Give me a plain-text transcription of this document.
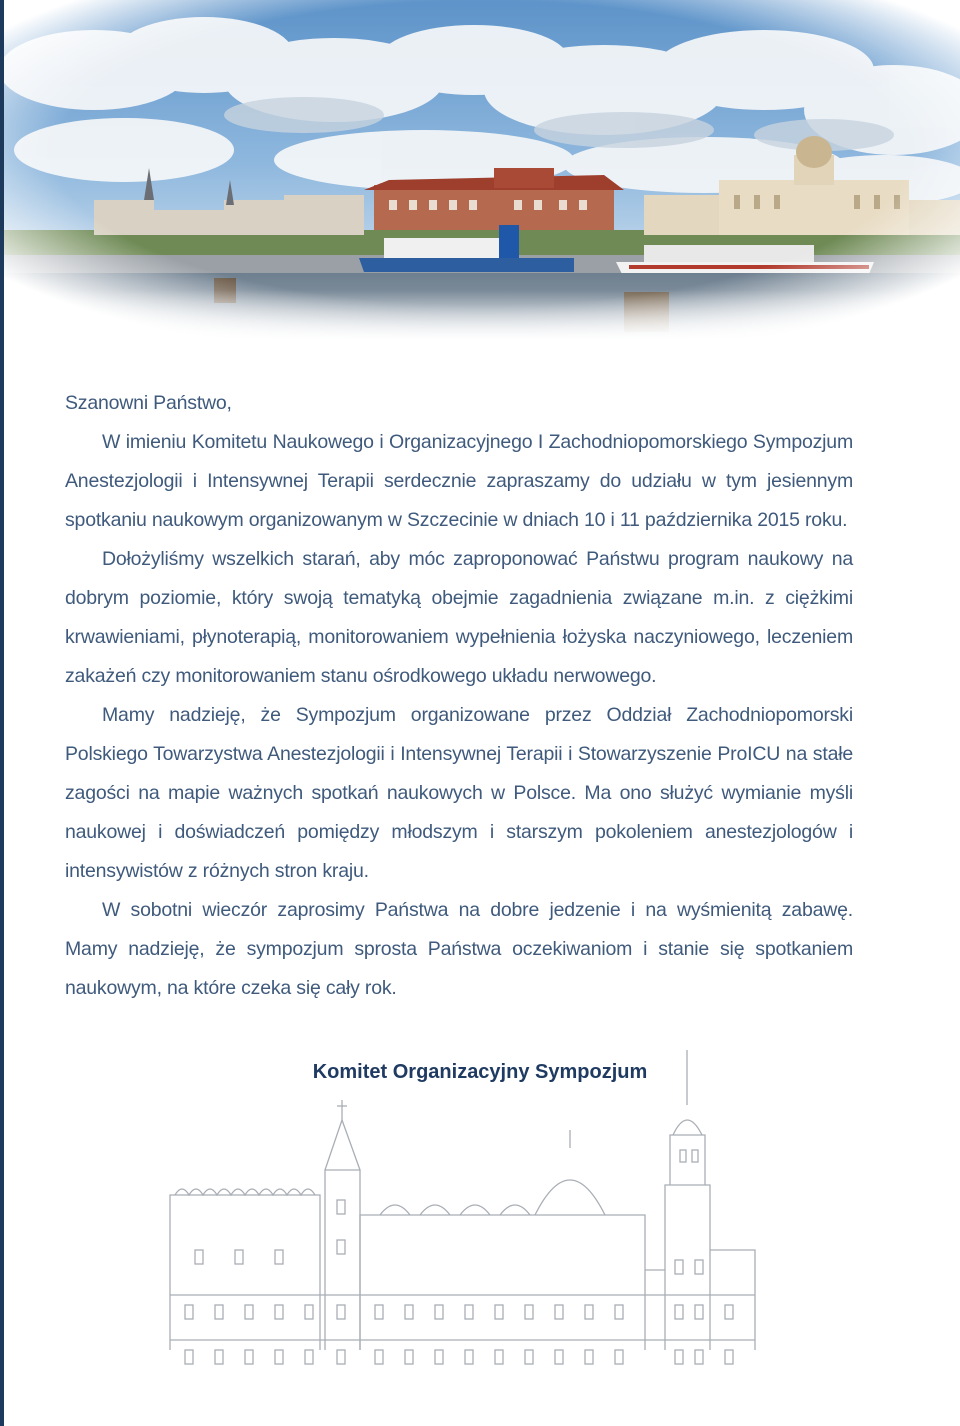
Szanowni Państwo,

W imieniu Komitetu Naukowego i Organizacyjnego I Zachodniopomorskiego Sympozjum Anestezjologii i Intensywnej Terapii serdecznie zapraszamy do udziału w tym jesiennym spotkaniu naukowym organizowanym w Szczecinie w dniach 10 i 11 października 2015 roku.

Dołożyliśmy wszelkich starań, aby móc zaproponować Państwu program naukowy na dobrym poziomie, który swoją tematyką obejmie zagadnienia związane m.in. z ciężkimi krwawieniami, płynoterapią, monitorowaniem wypełnienia łożyska naczyniowego, leczeniem zakażeń czy monitorowaniem stanu ośrodkowego układu nerwowego.

Mamy nadzieję, że Sympozjum organizowane przez Oddział Zachodniopomorski Polskiego Towarzystwa Anestezjologii i Intensywnej Terapii i Stowarzyszenie ProICU na stałe zagości na mapie ważnych spotkań naukowych w Polsce. Ma ono służyć wymianie myśli naukowej i doświadczeń pomiędzy młodszym i starszym pokoleniem anestezjologów i intensywistów z różnych stron kraju.

W sobotni wieczór zaprosimy Państwa na dobre jedzenie i na wyśmienitą zabawę. Mamy nadzieję, że sympozjum sprosta Państwa oczekiwaniom i stanie się spotkaniem naukowym, na które czeka się cały rok.

Komitet Organizacyjny Sympozjum
